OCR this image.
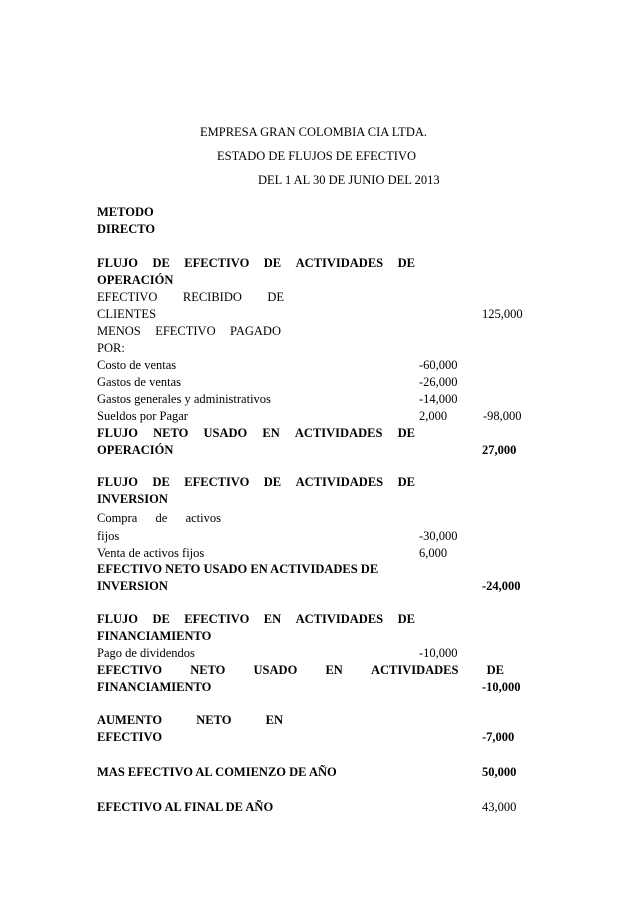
EMPRESA GRAN COLOMBIA CIA LTDA.
ESTADO DE FLUJOS DE EFECTIVO
DEL 1 AL 30 DE JUNIO DEL 2013
METODO
DIRECTO
FLUJO DE EFECTIVO DE ACTIVIDADES DE
OPERACIÓN
EFECTIVO RECIBIDO DE
CLIENTES	125,000
MENOS EFECTIVO PAGADO
POR:
Costo de ventas	-60,000
Gastos de ventas	-26,000
Gastos generales y administrativos	-14,000
Sueldos por Pagar	2,000	-98,000
FLUJO NETO USADO EN ACTIVIDADES DE
OPERACIÓN	27,000
FLUJO DE EFECTIVO DE ACTIVIDADES DE
INVERSION
Compra de activos
fijos	-30,000
Venta de activos fijos	6,000
EFECTIVO NETO USADO EN ACTIVIDADES DE
INVERSION	-24,000
FLUJO DE EFECTIVO EN ACTIVIDADES DE
FINANCIAMIENTO
Pago de dividendos	-10,000
EFECTIVO NETO USADO EN ACTIVIDADES DE
FINANCIAMIENTO	-10,000
AUMENTO	NETO	EN
EFECTIVO	-7,000
MAS EFECTIVO AL COMIENZO DE AÑO	50,000
EFECTIVO AL FINAL DE AÑO	43,000
